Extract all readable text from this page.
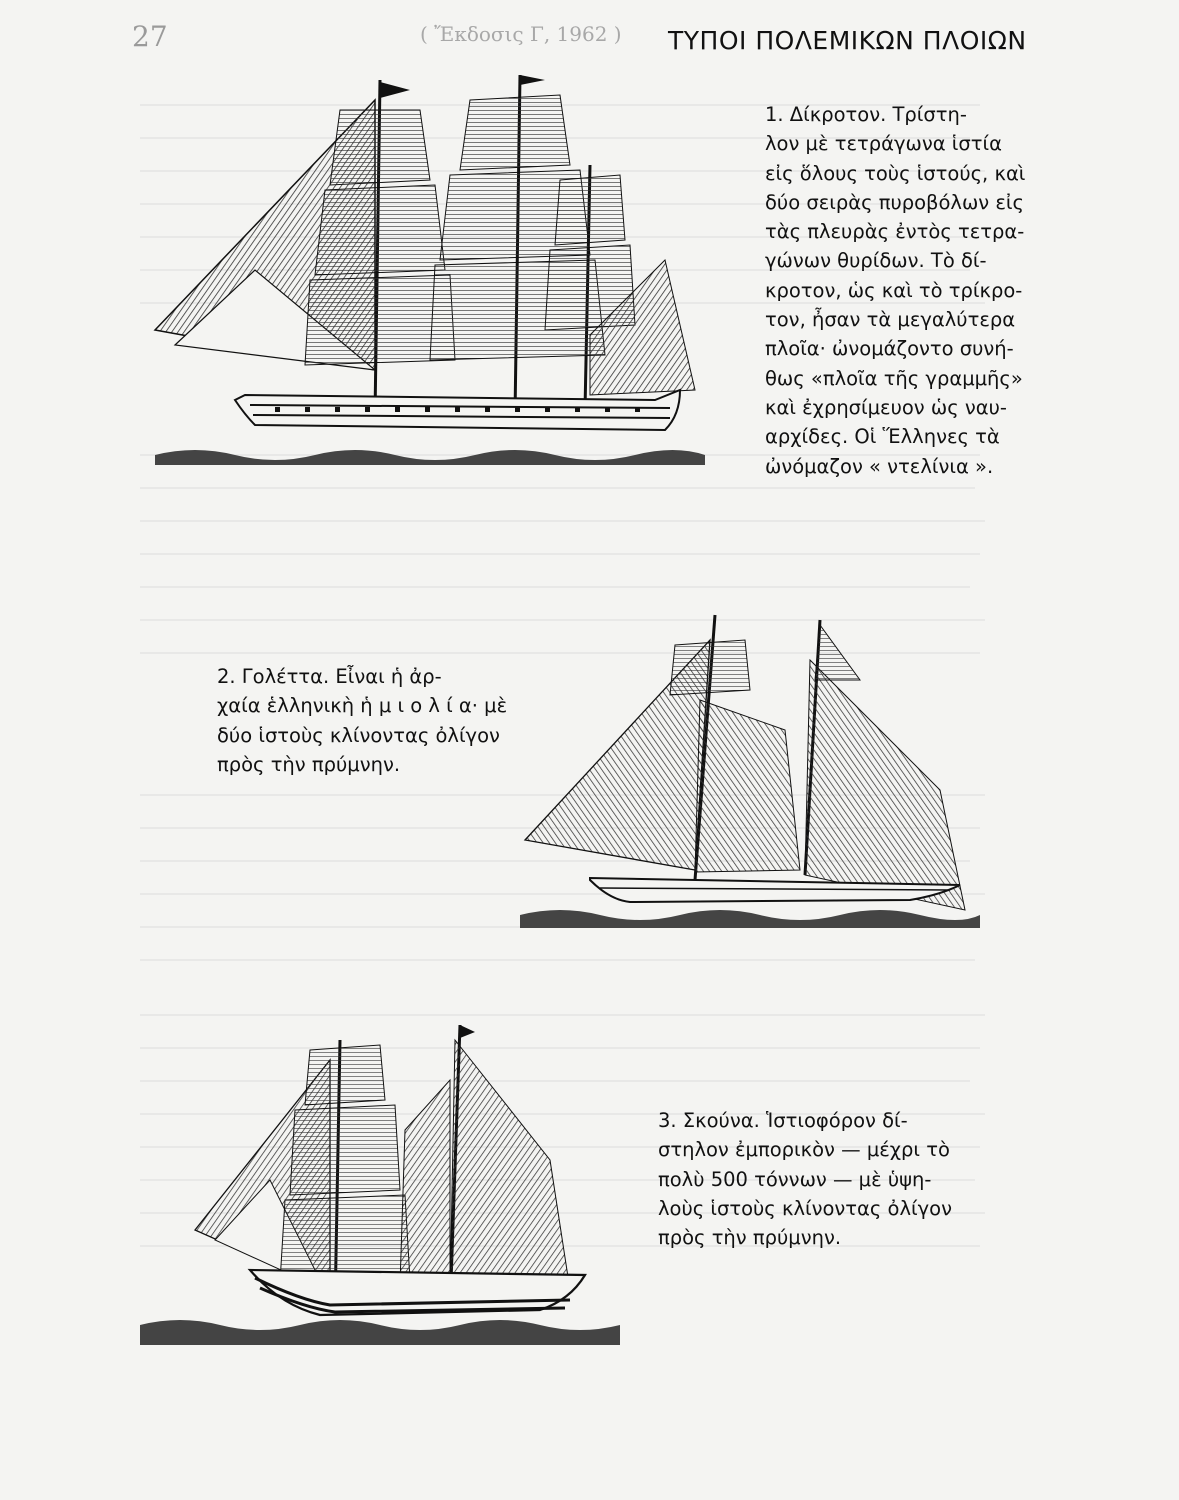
27	( Ἔκδοσις Γ, 1962 ) ΤΥΠΟΙ ΠΟΛΕΜΙΚΩΝ ΠΛΟΙΩΝ

1. Δίκροτον. Τρίστη-

λον μὲ τετράγωνα ἱστία

εἰς ὅλους τοὺς ἱστούς, καὶ

δύο σειρὰς πυροβόλων εἰς

τὰς πλευρὰς ἐντὸς τετρα-

γώνων θυρίδων. Τὸ δί-

κροτον, ὡς καὶ τὸ τρίκρο-

τον, ἦσαν τὰ μεγαλύτερα

πλοῖα· ὠνομάζοντο συνή-

θως «πλοῖα τῆς γραμμῆς»

καὶ ἐχρησίμευον ὡς ναυ-

αρχίδες. Οἱ Ἕλληνες τὰ

ὠνόμαζον « ντελίνια ».

2. Γολέττα. Εἶναι ἡ ἀρ-

χαία ἑλληνικὴ ἡ μ ι ο λ ί α· μὲ

δύο ἱστοὺς κλίνοντας ὀλίγον

πρὸς τὴν πρύμνην.

3. Σκούνα. Ἱστιοφόρον δί-

στηλον ἐμπορικὸν — μέχρι τὸ

πολὺ 500 τόννων — μὲ ὑψη-

λοὺς ἱστοὺς κλίνοντας ὀλίγον

πρὸς τὴν πρύμνην.
